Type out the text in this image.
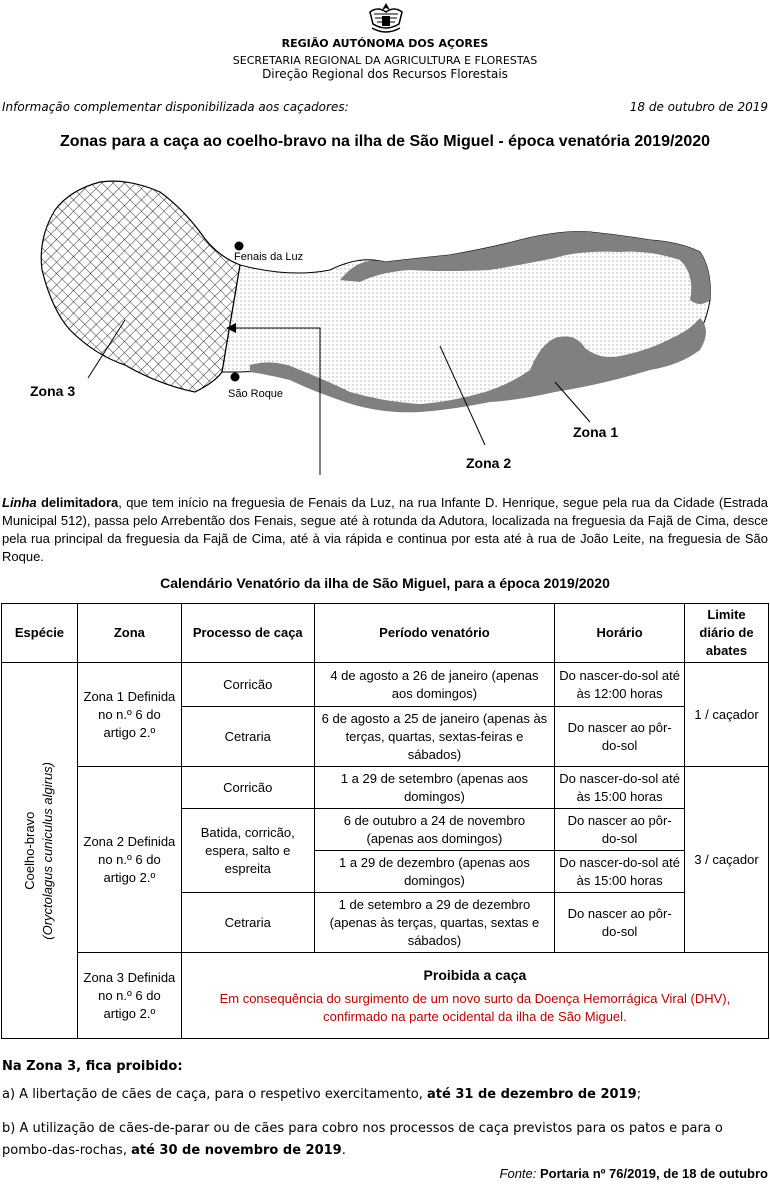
REGIÃO AUTÓNOMA DOS AÇORES
SECRETARIA REGIONAL DA AGRICULTURA E FLORESTAS
Direção Regional dos Recursos Florestais
Informação complementar disponibilizada aos caçadores:	18 de outubro de 2019
Zonas para a caça ao coelho-bravo na ilha de São Miguel - época venatória 2019/2020
Fenais da Luz
São Roque
Zona 3
Zona 1
Zona 2
Linha delimitadora, que tem início na freguesia de Fenais da Luz, na rua Infante D. Henrique, segue pela rua da Cidade (Estrada Municipal 512), passa pelo Arrebentão dos Fenais, segue até à rotunda da Adutora, localizada na freguesia da Fajã de Cima, desce pela rua principal da freguesia da Fajã de Cima, até à via rápida e continua por esta até à rua de João Leite, na freguesia de São Roque.
Calendário Venatório da ilha de São Miguel, para a época 2019/2020
Espécie	Zona	Processo de caça	Período venatório	Horário	Limite diário de abates

Coelho-bravo (Oryctolagus cuniculus algirus)	Zona 1 Definida no n.º 6 do artigo 2.º	Corricão	4 de agosto a 26 de janeiro (apenas aos domingos)	Do nascer-do-sol até às 12:00 horas	1 / caçador
		Cetraria	6 de agosto a 25 de janeiro (apenas às terças, quartas, sextas-feiras e sábados)	Do nascer ao pôr-do-sol	
	Zona 2 Definida no n.º 6 do artigo 2.º	Corricão	1 a 29 de setembro (apenas aos domingos)	Do nascer-do-sol até às 15:00 horas	3 / caçador
		Batida, corricão, espera, salto e espreita	6 de outubro a 24 de novembro (apenas aos domingos)	Do nascer ao pôr-do-sol	
			1 a 29 de dezembro (apenas aos domingos)	Do nascer-do-sol até às 15:00 horas	
		Cetraria	1 de setembro a 29 de dezembro (apenas às terças, quartas, sextas e sábados)	Do nascer ao pôr-do-sol	
	Zona 3 Definida no n.º 6 do artigo 2.º	Proibida a caça
Em consequência do surgimento de um novo surto da Doença Hemorrágica Viral (DHV), confirmado na parte ocidental da ilha de São Miguel.			
Na Zona 3, fica proibido:
a) A libertação de cães de caça, para o respetivo exercitamento, até 31 de dezembro de 2019;
b) A utilização de cães-de-parar ou de cães para cobro nos processos de caça previstos para os patos e para o pombo-das-rochas, até 30 de novembro de 2019.
Fonte: Portaria nº 76/2019, de 18 de outubro
